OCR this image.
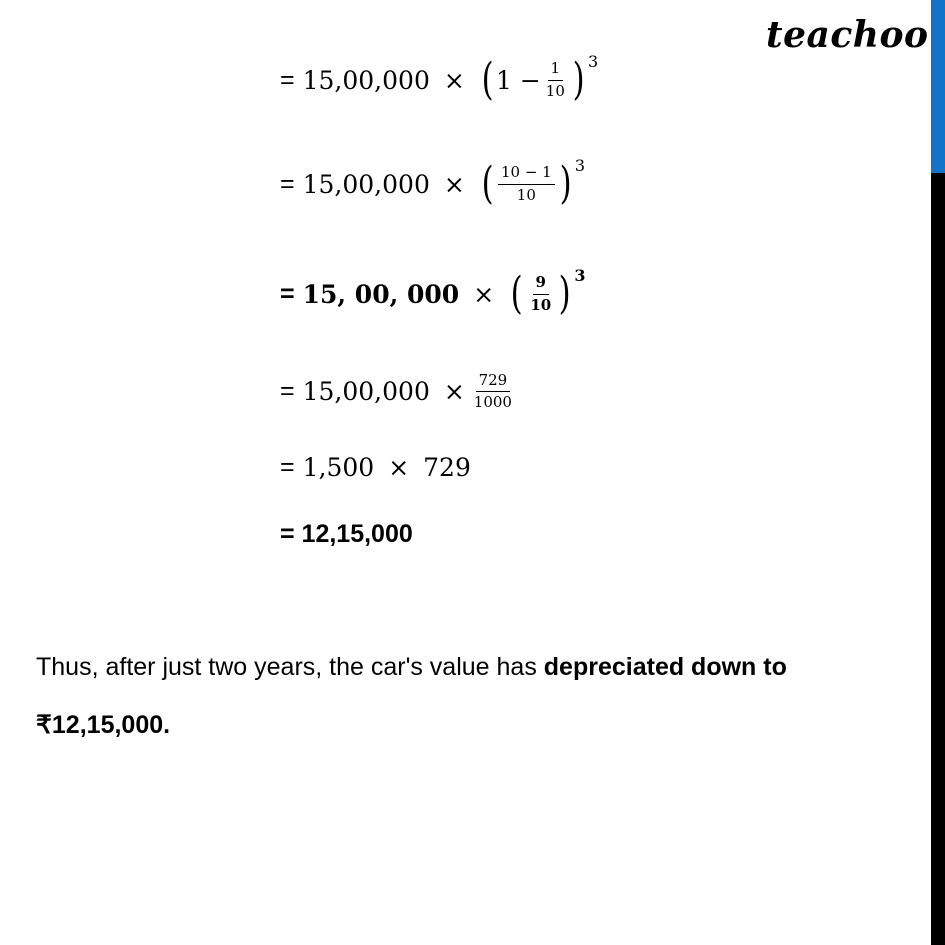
teachoo
= 15,00,000 × ( $1 - \frac{1}{10}$ ) 3
= 15,00,000 × ( $\frac{10 - 1}{10}$ ) 3
= 15, 00, 000 × ( $\frac{9}{10}$ ) 3
= $15,00,000 \times \frac{729}{1000}$
= 1,500 × 729
= 12,15,000
Thus, after just two years, the car's value has depreciated down to
₹12,15,000.
